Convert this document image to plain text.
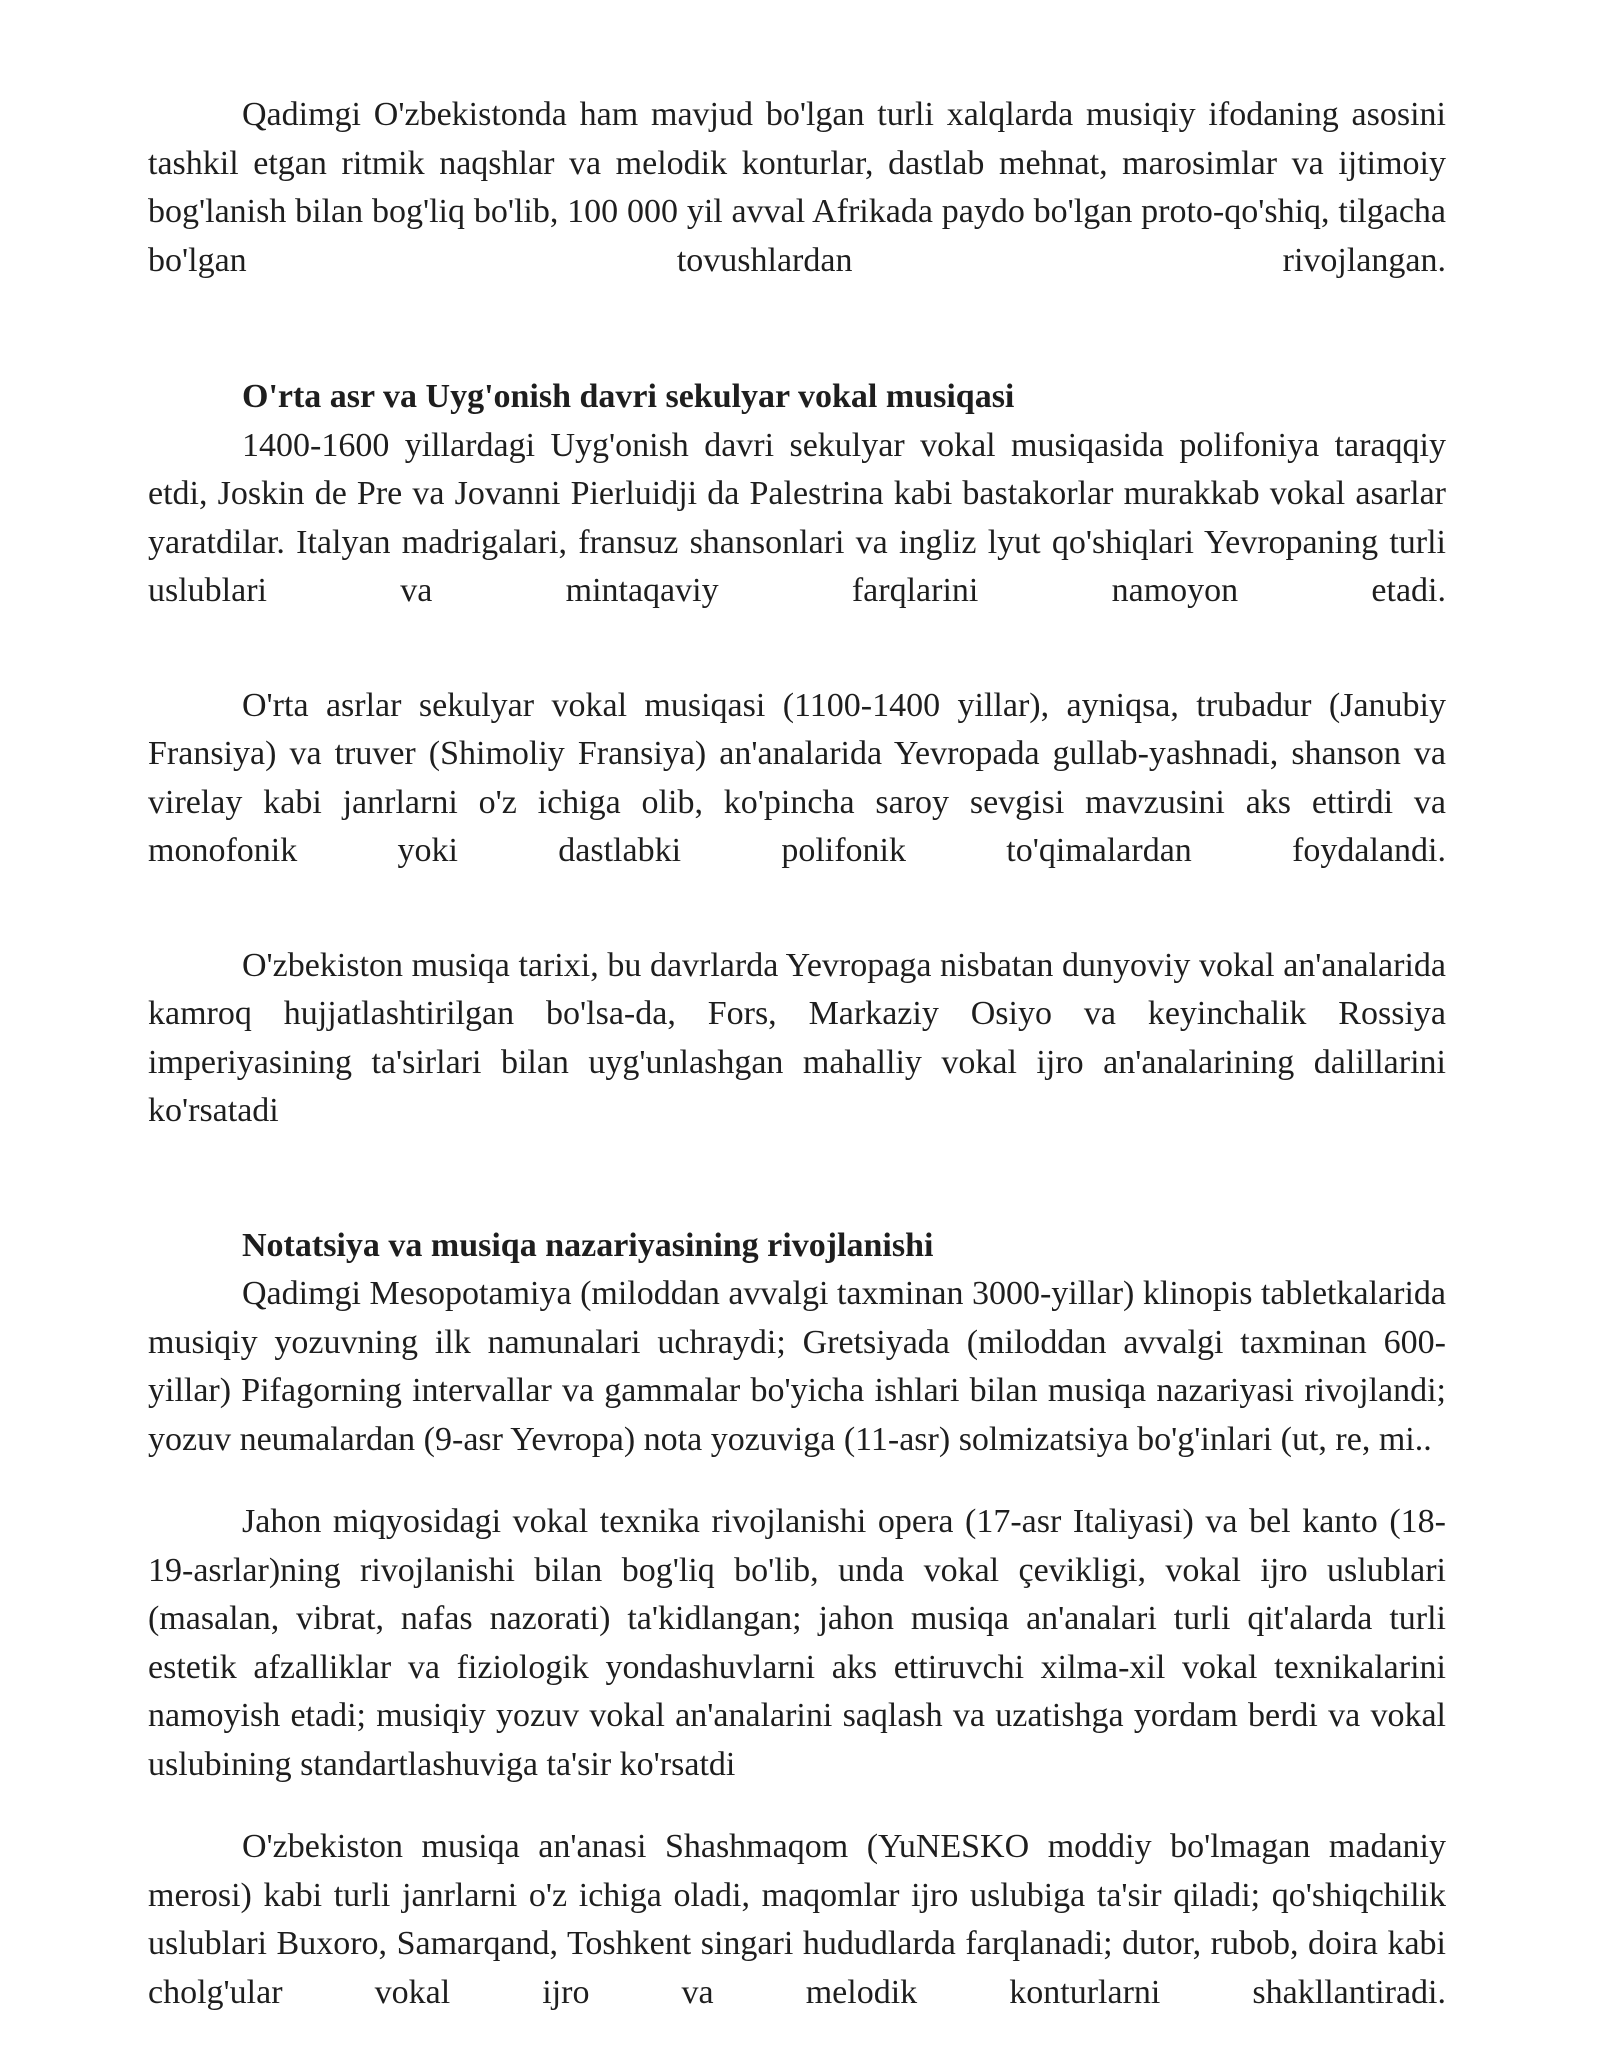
Qadimgi O'zbekistonda ham mavjud bo'lgan turli xalqlarda musiqiy ifodaning asosini tashkil etgan ritmik naqshlar va melodik konturlar, dastlab mehnat, marosimlar va ijtimoiy bog'lanish bilan bog'liq bo'lib, 100 000 yil avval Afrikada paydo bo'lgan proto-qo'shiq, tilgacha bo'lgan tovushlardan rivojlangan.

O'rta asr va Uyg'onish davri sekulyar vokal musiqasi

1400-1600 yillardagi Uyg'onish davri sekulyar vokal musiqasida polifoniya taraqqiy etdi, Joskin de Pre va Jovanni Pierluidji da Palestrina kabi bastakorlar murakkab vokal asarlar yaratdilar. Italyan madrigalari, fransuz shansonlari va ingliz lyut qo'shiqlari Yevropaning turli uslublari va mintaqaviy farqlarini namoyon etadi.

O'rta asrlar sekulyar vokal musiqasi (1100-1400 yillar), ayniqsa, trubadur (Janubiy Fransiya) va truver (Shimoliy Fransiya) an'analarida Yevropada gullab-yashnadi, shanson va virelay kabi janrlarni o'z ichiga olib, ko'pincha saroy sevgisi mavzusini aks ettirdi va monofonik yoki dastlabki polifonik to'qimalardan foydalandi.

O'zbekiston musiqa tarixi, bu davrlarda Yevropaga nisbatan dunyoviy vokal an'analarida kamroq hujjatlashtirilgan bo'lsa-da, Fors, Markaziy Osiyo va keyinchalik Rossiya imperiyasining ta'sirlari bilan uyg'unlashgan mahalliy vokal ijro an'analarining dalillarini ko'rsatadi

Notatsiya va musiqa nazariyasining rivojlanishi

Qadimgi Mesopotamiya (miloddan avvalgi taxminan 3000-yillar) klinopis tabletkalarida musiqiy yozuvning ilk namunalari uchraydi; Gretsiyada (miloddan avvalgi taxminan 600-yillar) Pifagorning intervallar va gammalar bo'yicha ishlari bilan musiqa nazariyasi rivojlandi; yozuv neumalardan (9-asr Yevropa) nota yozuviga (11-asr) solmizatsiya bo'g'inlari (ut, re, mi..

Jahon miqyosidagi vokal texnika rivojlanishi opera (17-asr Italiyasi) va bel kanto (18-19-asrlar)ning rivojlanishi bilan bog'liq bo'lib, unda vokal çevikligi, vokal ijro uslublari (masalan, vibrat, nafas nazorati) ta'kidlangan; jahon musiqa an'analari turli qit'alarda turli estetik afzalliklar va fiziologik yondashuvlarni aks ettiruvchi xilma-xil vokal texnikalarini namoyish etadi; musiqiy yozuv vokal an'analarini saqlash va uzatishga yordam berdi va vokal uslubining standartlashuviga ta'sir ko'rsatdi

O'zbekiston musiqa an'anasi Shashmaqom (YuNESKO moddiy bo'lmagan madaniy merosi) kabi turli janrlarni o'z ichiga oladi, maqomlar ijro uslubiga ta'sir qiladi; qo'shiqchilik uslublari Buxoro, Samarqand, Toshkent singari hududlarda farqlanadi; dutor, rubob, doira kabi cholg'ular vokal ijro va melodik konturlarni shakllantiradi.
